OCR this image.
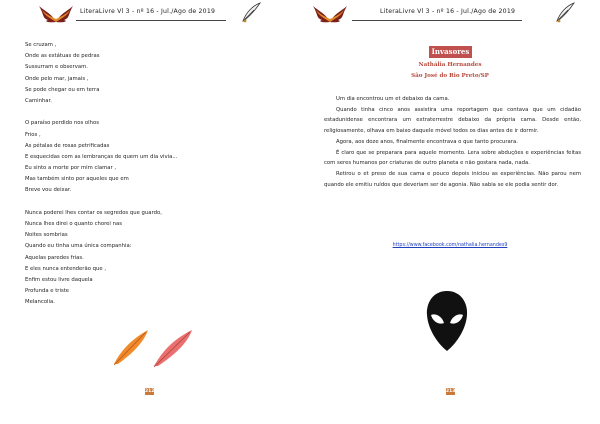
LiteraLivre Vl 3 - nº 16 - Jul./Ago de 2019
Se cruzam ,
Onde as estátuas de pedras
Sussurram e observam.
Onde pelo mar, jamais ,
Se pode chegar ou em terra
Caminhar.
O paraíso perdido nos olhos
Frios ,
As pétalas de rosas petrificadas
E esquecidas com as lembranças de quem um dia vivia...
Eu sinto a morte por mim clamar ,
Mas também sinto por aqueles que em
Breve vou deixar.
Nunca poderei lhes contar os segredos que guardo,
Nunca lhes direi o quanto chorei nas
Noites sombrias
Quando eu tinha uma única companhia:
Aquelas paredes frias.
E eles nunca entenderão que ,
Enfim estou livre daquela
Profunda e triste
Melancolia.
212
LiteraLivre Vl 3 - nº 16 - Jul./Ago de 2019
Invasores
Nathália Hernandes
São José do Rio Preto/SP

Um dia encontrou um et debaixo da cama.

Quando tinha cinco anos assistira uma reportagem que contava que um cidadão estadunidense encontrara um extraterrestre debaixo da própria cama. Desde então, religiosamente, olhava em baixo daquele móvel todos os dias antes de ir dormir.

Agora, aos doze anos, finalmente encontrava o que tanto procurara.

É claro que se preparara para aquele momento. Lera sobre abduções e experiências feitas com seres humanos por criaturas de outro planeta e não gostara nada, nada.

Retirou o et preso de sua cama e pouco depois iniciou as experiências. Não parou nem quando ele emitiu ruídos que deveriam ser de agonia. Não sabia se ele podia sentir dor.

https://www.facebook.com/nathalia.hernandes9
213
